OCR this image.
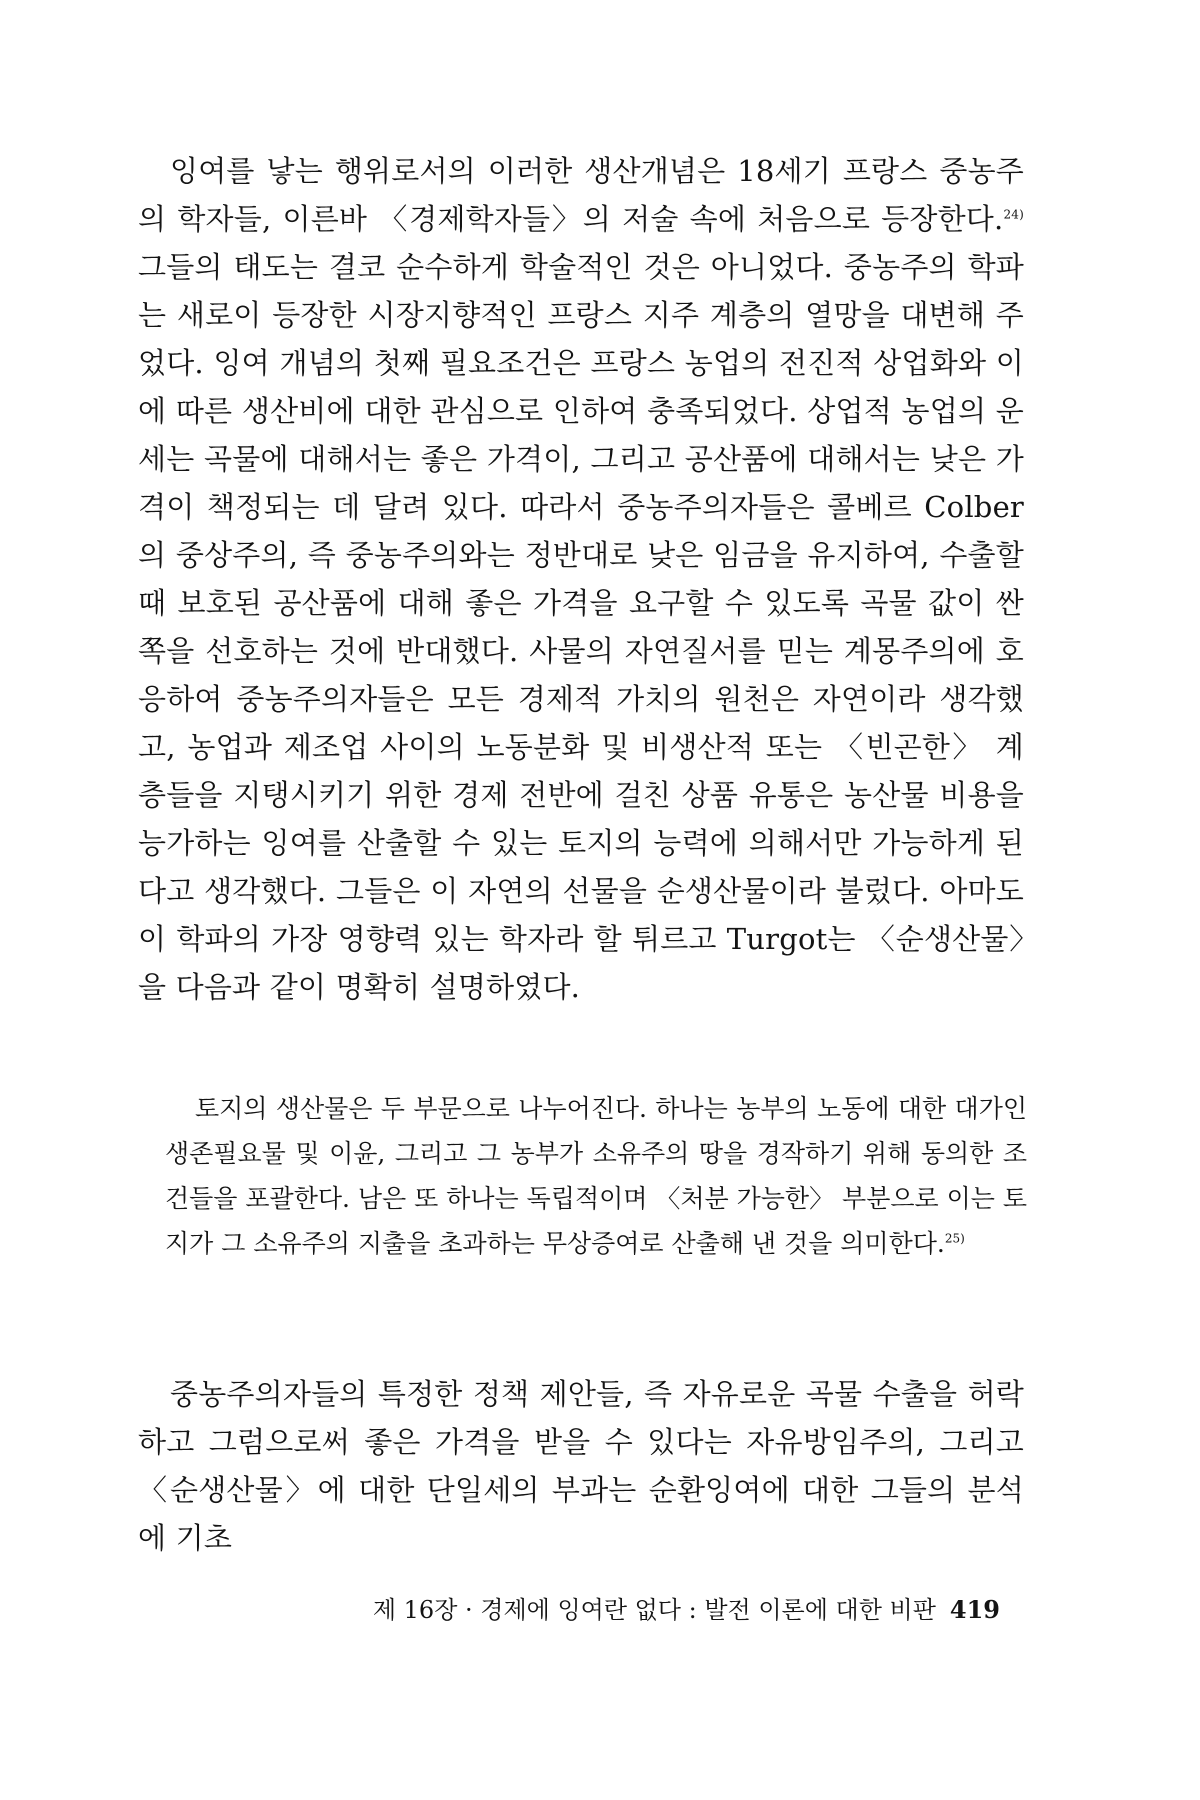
잉여를 낳는 행위로서의 이러한 생산개념은 18세기 프랑스 중농주의 학자들, 이른바 〈경제학자들〉의 저술 속에 처음으로 등장한다.$^{24)}$ 그들의 태도는 결코 순수하게 학술적인 것은 아니었다. 중농주의 학파는 새로이 등장한 시장지향적인 프랑스 지주 계층의 열망을 대변해 주었다. 잉여 개념의 첫째 필요조건은 프랑스 농업의 전진적 상업화와 이에 따른 생산비에 대한 관심으로 인하여 충족되었다. 상업적 농업의 운세는 곡물에 대해서는 좋은 가격이, 그리고 공산품에 대해서는 낮은 가격이 책정되는 데 달려 있다. 따라서 중농주의자들은 콜베르 Colber의 중상주의, 즉 중농주의와는 정반대로 낮은 임금을 유지하여, 수출할 때 보호된 공산품에 대해 좋은 가격을 요구할 수 있도록 곡물 값이 싼 쪽을 선호하는 것에 반대했다. 사물의 자연질서를 믿는 계몽주의에 호응하여 중농주의자들은 모든 경제적 가치의 원천은 자연이라 생각했고, 농업과 제조업 사이의 노동분화 및 비생산적 또는 〈빈곤한〉 계층들을 지탱시키기 위한 경제 전반에 걸친 상품 유통은 농산물 비용을 능가하는 잉여를 산출할 수 있는 토지의 능력에 의해서만 가능하게 된다고 생각했다. 그들은 이 자연의 선물을 순생산물이라 불렀다. 아마도 이 학파의 가장 영향력 있는 학자라 할 튀르고 Turgot는 〈순생산물〉을 다음과 같이 명확히 설명하였다.

토지의 생산물은 두 부문으로 나누어진다. 하나는 농부의 노동에 대한 대가인 생존필요물 및 이윤, 그리고 그 농부가 소유주의 땅을 경작하기 위해 동의한 조건들을 포괄한다. 남은 또 하나는 독립적이며 〈처분 가능한〉 부분으로 이는 토지가 그 소유주의 지출을 초과하는 무상증여로 산출해 낸 것을 의미한다.$^{25)}$

중농주의자들의 특정한 정책 제안들, 즉 자유로운 곡물 수출을 허락하고 그럼으로써 좋은 가격을 받을 수 있다는 자유방임주의, 그리고 〈순생산물〉에 대한 단일세의 부과는 순환잉여에 대한 그들의 분석에 기초

제 16장 · 경제에 잉여란 없다 : 발전 이론에 대한 비판 419
